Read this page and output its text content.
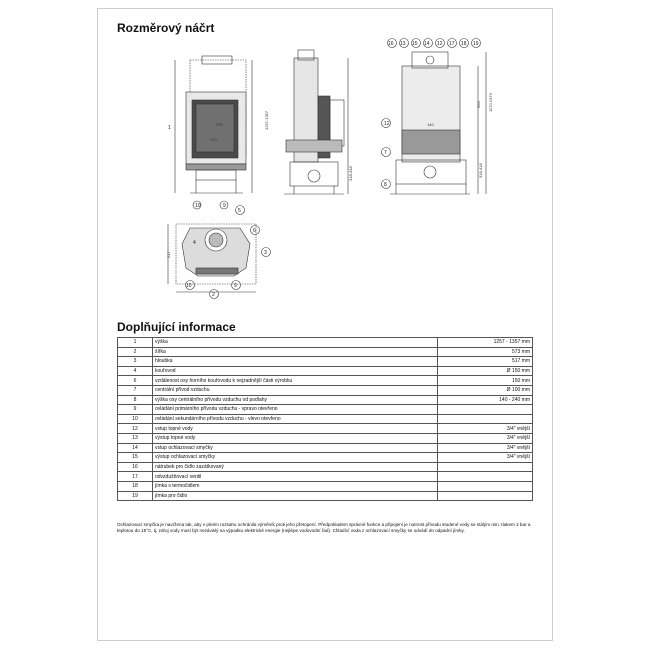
Rozměrový náčrt
1
470
470	1257-1357
10	9
318-418
16 13 15 14 12 17 18 19
12
7
8
650 1170-1370
318-418
140
5
6
3
10
2
9
517
4
Doplňující informace
1	výška	1257 - 1357 mm
2	šířka	573 mm
3	hloubka	517 mm
4	kouřovod	Ø 150 mm
6	vzdálenost osy horního kouřovodu k nejzadnější části výrobku	150 mm
7	centrální přívod vzduchu	Ø 100 mm
8	výška osy centrálního přívodu vzduchu od podlahy	140 - 240 mm
9	ovládání primárního přívodu vzduchu - vpravo otevřeno	
10	ovládání sekundárního přívodu vzduchu - vlevo otevřeno	
12	vstup topné vody	3/4" vnější
13	výstup topné vody	3/4" vnější
14	vstup ochlazovací smyčky	3/4" vnější
15	výstup ochlazovací smyčky	3/4" vnější
16	nátrubek pro čidlo zazátkovaný	
17	odvzdušňovací ventil	
18	jímka s termočidlem	
19	jímka pro čidlo	

Ochlazovací smyčka je navržena tak, aby v plném rozsahu ochránila výměník proti jeho přetopení. Předpokladem správné funkce a připojení je nutnost přívodu studené vody se stálým min. tlakem 2 bar a teplotou do 15°C, tj. zdroj vody musí být nezávislý na výpadku elektrické energie (nejlépe vodovodní řad). Chladící voda z ochlazovací smyčky se odvádí do odpadní jímky.
